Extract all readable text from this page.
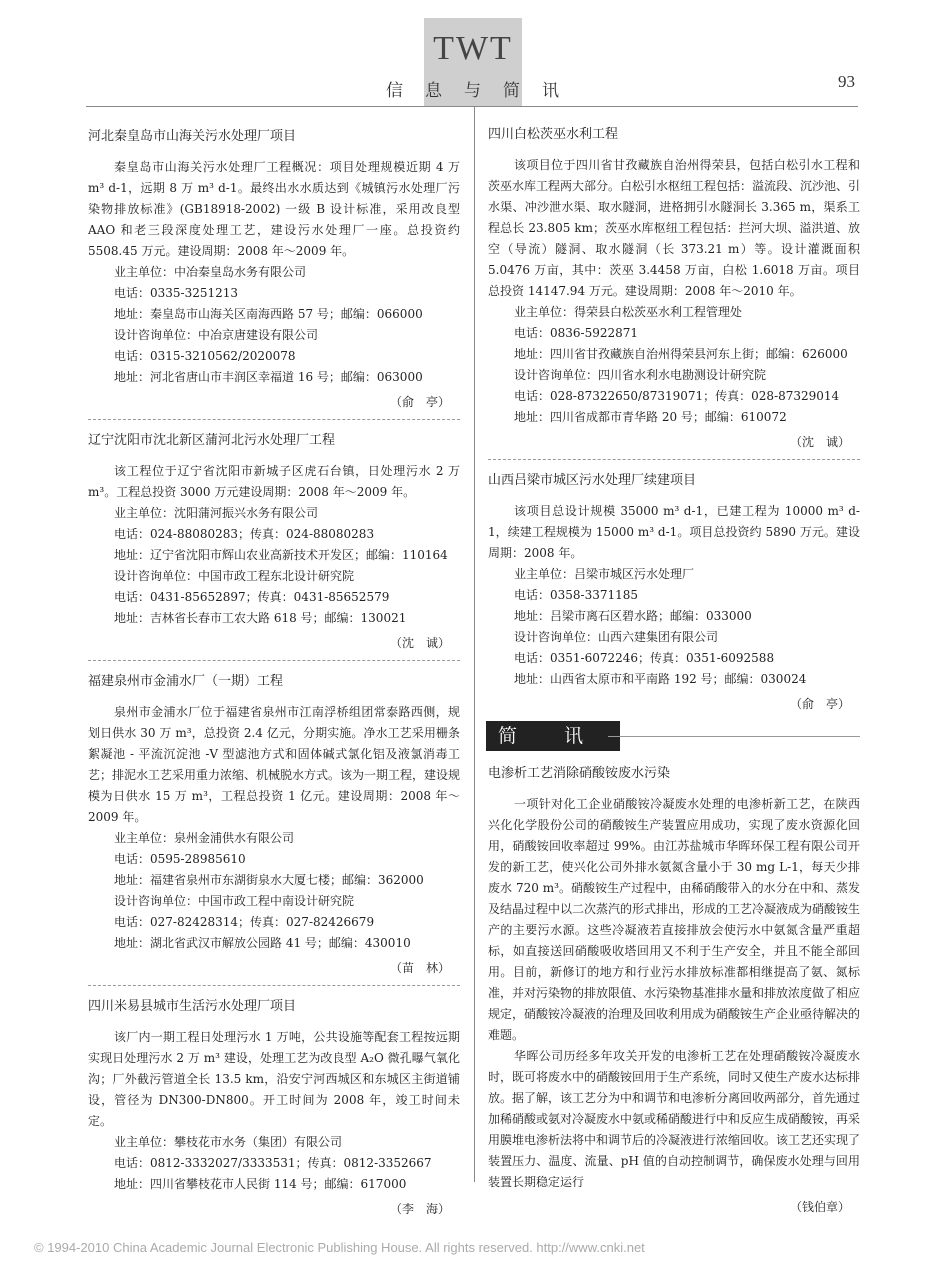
TWT
信 息 与 简 讯	93

河北秦皇岛市山海关污水处理厂项目

秦皇岛市山海关污水处理厂工程概况：项目处理规模近期 4 万 m³ d-1，远期 8 万 m³ d-1。最终出水水质达到《城镇污水处理厂污染物排放标准》(GB18918-2002) 一级 B 设计标准，采用改良型 AAO 和老三段深度处理工艺，建设污水处理厂一座。总投资约 5508.45 万元。建设周期：2008 年～2009 年。

业主单位：中冶秦皇岛水务有限公司
电话：0335-3251213
地址：秦皇岛市山海关区南海西路 57 号；邮编：066000
设计咨询单位：中冶京唐建设有限公司
电话：0315-3210562/2020078
地址：河北省唐山市丰润区幸福道 16 号；邮编：063000

（俞　亭）

辽宁沈阳市沈北新区蒲河北污水处理厂工程

该工程位于辽宁省沈阳市新城子区虎石台镇，日处理污水 2 万 m³。工程总投资 3000 万元建设周期：2008 年～2009 年。

业主单位：沈阳蒲河振兴水务有限公司
电话：024-88080283；传真：024-88080283
地址：辽宁省沈阳市辉山农业高新技术开发区；邮编：110164
设计咨询单位：中国市政工程东北设计研究院
电话：0431-85652897；传真：0431-85652579
地址：吉林省长春市工农大路 618 号；邮编：130021

（沈　诚）

福建泉州市金浦水厂（一期）工程

泉州市金浦水厂位于福建省泉州市江南浮桥组团常泰路西侧，规划日供水 30 万 m³，总投资 2.4 亿元，分期实施。净水工艺采用栅条絮凝池 - 平流沉淀池 -V 型滤池方式和固体碱式氯化铝及液氯消毒工艺；排泥水工艺采用重力浓缩、机械脱水方式。该为一期工程，建设规模为日供水 15 万 m³，工程总投资 1 亿元。建设周期：2008 年～2009 年。

业主单位：泉州金浦供水有限公司
电话：0595-28985610
地址：福建省泉州市东湖街泉水大厦七楼；邮编：362000
设计咨询单位：中国市政工程中南设计研究院
电话：027-82428314；传真：027-82426679
地址：湖北省武汉市解放公园路 41 号；邮编：430010

（苗　林）

四川米易县城市生活污水处理厂项目

该厂内一期工程日处理污水 1 万吨，公共设施等配套工程按远期实现日处理污水 2 万 m³ 建设，处理工艺为改良型 A₂O 微孔曝气氧化沟；厂外截污管道全长 13.5 km，沿安宁河西城区和东城区主街道铺设，管径为 DN300-DN800。开工时间为 2008 年，竣工时间未定。

业主单位：攀枝花市水务（集团）有限公司
电话：0812-3332027/3333531；传真：0812-3352667
地址：四川省攀枝花市人民街 114 号；邮编：617000

（李　海）

四川白松茨巫水利工程

该项目位于四川省甘孜藏族自治州得荣县，包括白松引水工程和茨巫水库工程两大部分。白松引水枢纽工程包括：溢流段、沉沙池、引水渠、冲沙泄水渠、取水隧洞，进格拥引水隧洞长 3.365 m，渠系工程总长 23.805 km；茨巫水库枢纽工程包括：拦河大坝、溢洪道、放空（导流）隧洞、取水隧洞（长 373.21 m）等。设计灌溉面积 5.0476 万亩，其中：茨巫 3.4458 万亩，白松 1.6018 万亩。项目总投资 14147.94 万元。建设周期：2008 年～2010 年。

业主单位：得荣县白松茨巫水利工程管理处
电话：0836-5922871
地址：四川省甘孜藏族自治州得荣县河东上街；邮编：626000
设计咨询单位：四川省水利水电勘测设计研究院
电话：028-87322650/87319071；传真：028-87329014
地址：四川省成都市青华路 20 号；邮编：610072

（沈　诚）

山西吕梁市城区污水处理厂续建项目

该项目总设计规模 35000 m³ d-1，已建工程为 10000 m³ d-1，续建工程规模为 15000 m³ d-1。项目总投资约 5890 万元。建设周期：2008 年。

业主单位：吕梁市城区污水处理厂
电话：0358-3371185
地址：吕梁市离石区碧水路；邮编：033000
设计咨询单位：山西六建集团有限公司
电话：0351-6072246；传真：0351-6092588
地址：山西省太原市和平南路 192 号；邮编：030024

（俞　亭）

简　讯

电渗析工艺消除硝酸铵废水污染

一项针对化工企业硝酸铵冷凝废水处理的电渗析新工艺，在陕西兴化化学股份公司的硝酸铵生产装置应用成功，实现了废水资源化回用，硝酸铵回收率超过 99%。由江苏盐城市华晖环保工程有限公司开发的新工艺，使兴化公司外排水氨氮含量小于 30 mg L-1，每天少排废水 720 m³。硝酸铵生产过程中，由稀硝酸带入的水分在中和、蒸发及结晶过程中以二次蒸汽的形式排出，形成的工艺冷凝液成为硝酸铵生产的主要污水源。这些冷凝液若直接排放会使污水中氨氮含量严重超标，如直接送回硝酸吸收塔回用又不利于生产安全，并且不能全部回用。目前，新修订的地方和行业污水排放标准都相继提高了氨、氮标准，并对污染物的排放限值、水污染物基准排水量和排放浓度做了相应规定，硝酸铵冷凝液的治理及回收利用成为硝酸铵生产企业亟待解决的难题。

华晖公司历经多年攻关开发的电渗析工艺在处理硝酸铵冷凝废水时，既可将废水中的硝酸铵回用于生产系统，同时又使生产废水达标排放。据了解，该工艺分为中和调节和电渗析分离回收两部分，首先通过加稀硝酸或氨对冷凝废水中氨或稀硝酸进行中和反应生成硝酸铵，再采用膜堆电渗析法将中和调节后的冷凝液进行浓缩回收。该工艺还实现了装置压力、温度、流量、pH 值的自动控制调节，确保废水处理与回用装置长期稳定运行

（钱伯章）

© 1994-2010 China Academic Journal Electronic Publishing House. All rights reserved. http://www.cnki.net
